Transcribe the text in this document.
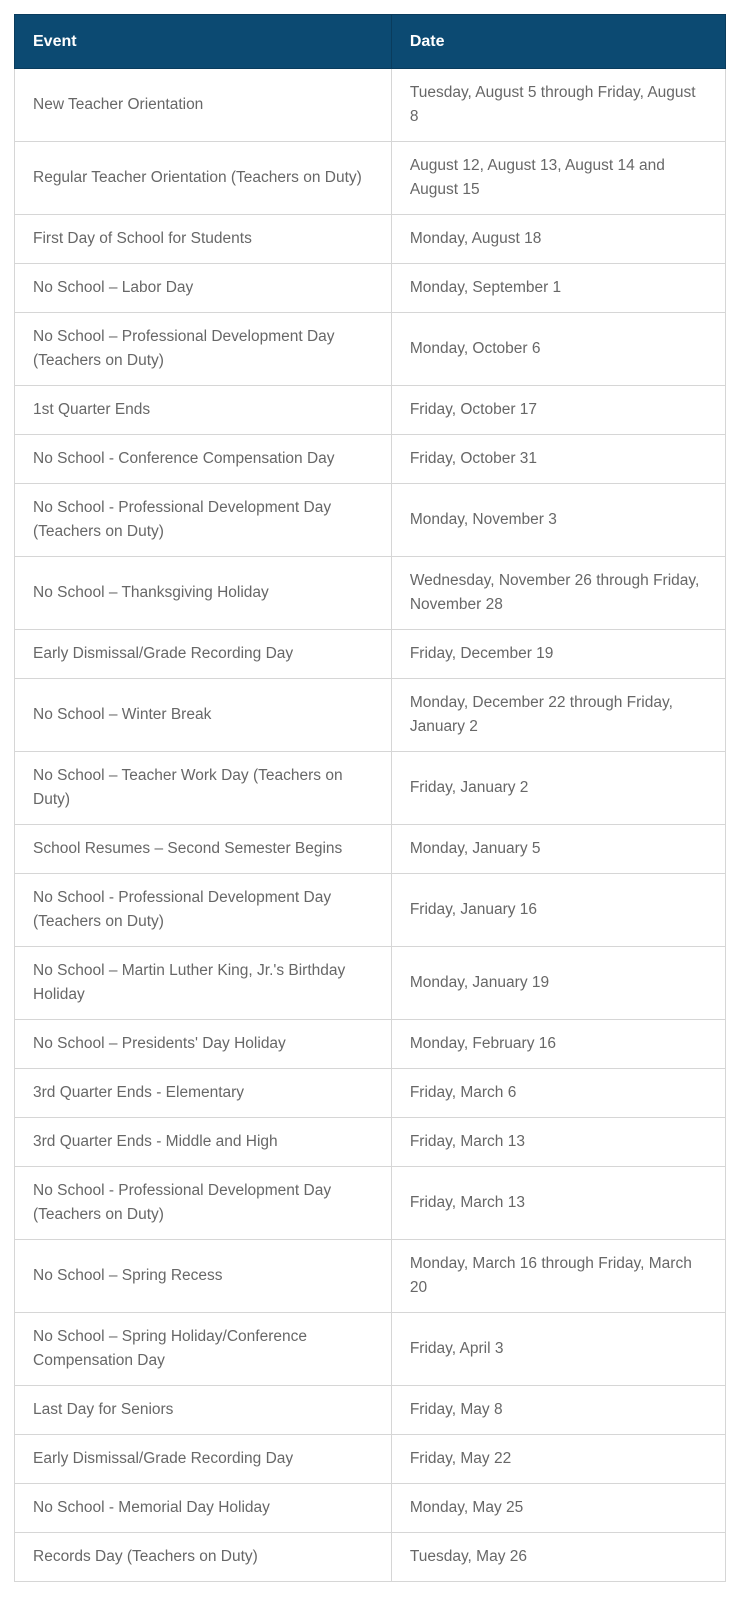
Event	Date
New Teacher Orientation	Tuesday, August 5 through Friday, August 8
Regular Teacher Orientation (Teachers on Duty)	August 12, August 13, August 14 and August 15
First Day of School for Students	Monday, August 18
No School – Labor Day	Monday, September 1
No School – Professional Development Day (Teachers on Duty)	Monday, October 6
1st Quarter Ends	Friday, October 17
No School - Conference Compensation Day	Friday, October 31
No School - Professional Development Day (Teachers on Duty)	Monday, November 3
No School – Thanksgiving Holiday	Wednesday, November 26 through Friday, November 28
Early Dismissal/Grade Recording Day	Friday, December 19
No School – Winter Break	Monday, December 22 through Friday, January 2
No School – Teacher Work Day (Teachers on Duty)	Friday, January 2
School Resumes – Second Semester Begins	Monday, January 5
No School - Professional Development Day (Teachers on Duty)	Friday, January 16
No School – Martin Luther King, Jr.'s Birthday Holiday	Monday, January 19
No School – Presidents' Day Holiday	Monday, February 16
3rd Quarter Ends - Elementary	Friday, March 6
3rd Quarter Ends - Middle and High	Friday, March 13
No School - Professional Development Day (Teachers on Duty)	Friday, March 13
No School – Spring Recess	Monday, March 16 through Friday, March 20
No School – Spring Holiday/Conference Compensation Day	Friday, April 3
Last Day for Seniors	Friday, May 8
Early Dismissal/Grade Recording Day	Friday, May 22
No School - Memorial Day Holiday	Monday, May 25
Records Day (Teachers on Duty)	Tuesday, May 26
